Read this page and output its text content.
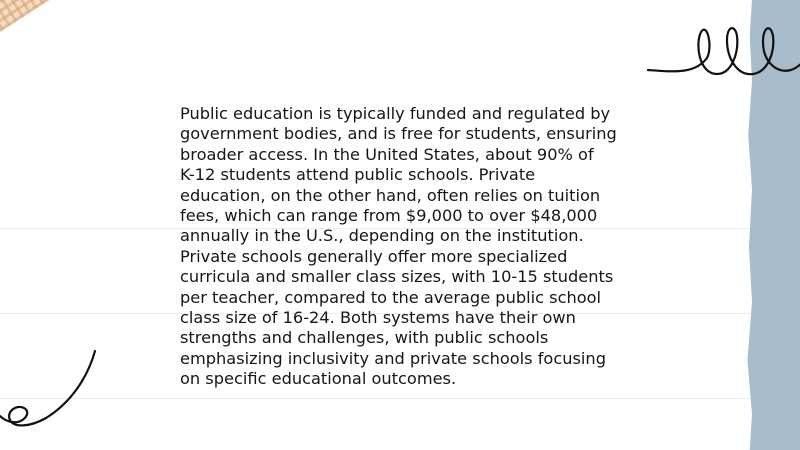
Public education is typically funded and regulated by
government bodies, and is free for students, ensuring
broader access. In the United States, about 90% of
K-12 students attend public schools. Private
education, on the other hand, often relies on tuition
fees, which can range from $9,000 to over $48,000
annually in the U.S., depending on the institution.
Private schools generally offer more specialized
curricula and smaller class sizes, with 10-15 students
per teacher, compared to the average public school
class size of 16-24. Both systems have their own
strengths and challenges, with public schools
emphasizing inclusivity and private schools focusing
on specific educational outcomes.
